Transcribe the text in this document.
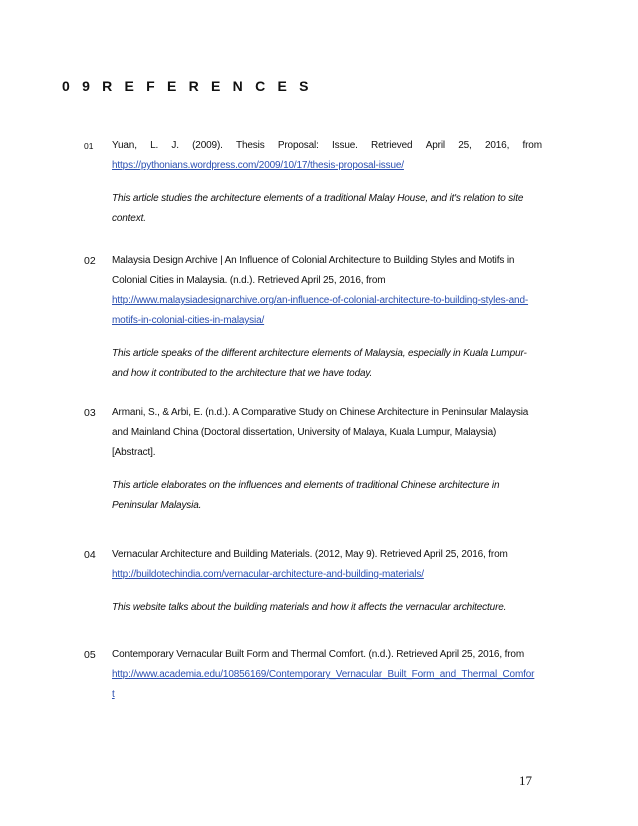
0 9 R E F E R E N C E S
01 Yuan, L. J. (2009). Thesis Proposal: Issue. Retrieved April 25, 2016, from
https://pythonians.wordpress.com/2009/10/17/thesis-proposal-issue/
This article studies the architecture elements of a traditional Malay House, and it's relation to site
context.
02 Malaysia Design Archive | An Influence of Colonial Architecture to Building Styles and Motifs in
Colonial Cities in Malaysia. (n.d.). Retrieved April 25, 2016, from
http://www.malaysiadesignarchive.org/an-influence-of-colonial-architecture-to-building-styles-and-
motifs-in-colonial-cities-in-malaysia/
This article speaks of the different architecture elements of Malaysia, especially in Kuala Lumpur-
and how it contributed to the architecture that we have today.
03 Armani, S., & Arbi, E. (n.d.). A Comparative Study on Chinese Architecture in Peninsular Malaysia
and Mainland China (Doctoral dissertation, University of Malaya, Kuala Lumpur, Malaysia)
[Abstract].
This article elaborates on the influences and elements of traditional Chinese architecture in
Peninsular Malaysia.
04 Vernacular Architecture and Building Materials. (2012, May 9). Retrieved April 25, 2016, from
http://buildotechindia.com/vernacular-architecture-and-building-materials/
This website talks about the building materials and how it affects the vernacular architecture.
05 Contemporary Vernacular Built Form and Thermal Comfort. (n.d.). Retrieved April 25, 2016, from
http://www.academia.edu/10856169/Contemporary_Vernacular_Built_Form_and_Thermal_Comfor
t
17
